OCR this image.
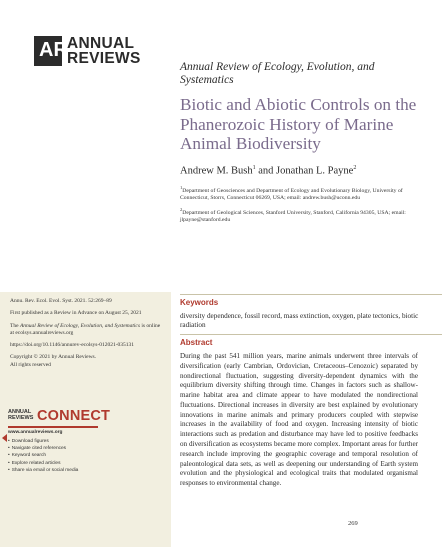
AR ANNUAL
REVIEWS	Annual Review of Ecology, Evolution, and Systematics
Biotic and Abiotic Controls on the Phanerozoic History of Marine Animal Biodiversity
Andrew M. Bush$^1$ and Jonathan L. Payne$^2$
$^1$Department of Geosciences and Department of Ecology and Evolutionary Biology, University of Connecticut, Storrs, Connecticut 06269, USA; email: andrew.bush@uconn.edu
$^2$Department of Geological Sciences, Stanford University, Stanford, California 94305, USA; email: jlpayne@stanford.edu

Annu. Rev. Ecol. Evol. Syst. 2021. 52:269–89

First published as a Review in Advance on August 25, 2021

The Annual Review of Ecology, Evolution, and Systematics is online at ecolsys.annualreviews.org

https://doi.org/10.1146/annurev-ecolsys-012021-035131

Copyright © 2021 by Annual Reviews.
All rights reserved

ANNUAL
REVIEWS CONNECT
www.annualreviews.org
• Download figures
• Navigate cited references
• Keyword search
• Explore related articles
• Share via email or social media
Keywords
diversity dependence, fossil record, mass extinction, oxygen, plate tectonics, biotic radiation
Abstract
During the past 541 million years, marine animals underwent three intervals of diversification (early Cambrian, Ordovician, Cretaceous–Cenozoic) separated by nondirectional fluctuation, suggesting diversity-dependent dynamics with the equilibrium diversity shifting through time. Changes in factors such as shallow-marine habitat area and climate appear to have modulated the nondirectional fluctuations. Directional increases in diversity are best explained by evolutionary innovations in marine animals and primary producers coupled with stepwise increases in the availability of food and oxygen. Increasing intensity of biotic interactions such as predation and disturbance may have led to positive feedbacks on diversification as ecosystems became more complex. Important areas for further research include improving the geographic coverage and temporal resolution of paleontological data sets, as well as deepening our understanding of Earth system evolution and the physiological and ecological traits that modulated organismal responses to environmental change.
269
